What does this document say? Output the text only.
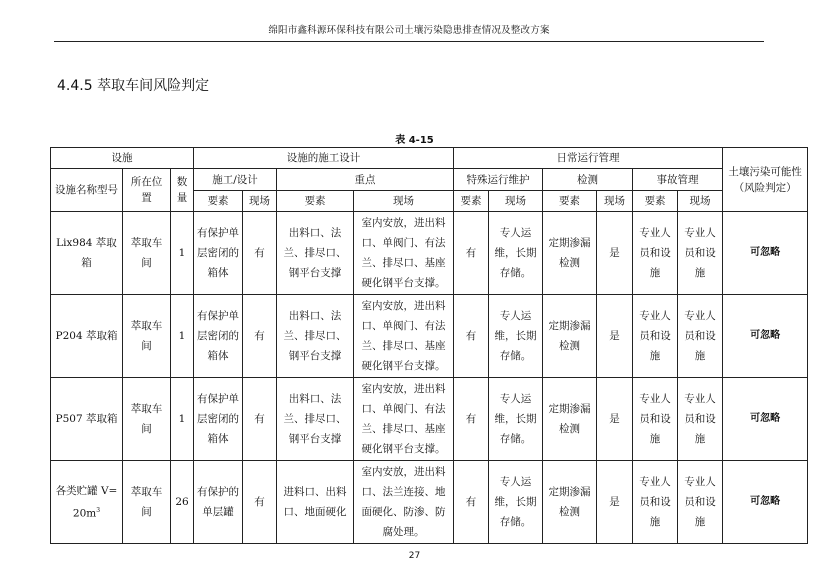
绵阳市鑫科源环保科技有限公司土壤污染隐患排查情况及整改方案
4.4.5 萃取车间风险判定
表 4-15
设施			设施的施工设计				日常运行管理						土壤污染可能性（风险判定）
设施名称型号	所在位置	数量	施工/设计		重点		特殊运行维护		检测		事故管理		
			要素	现场	要素	现场	要素	现场	要素	现场	要素	现场	
Lix984 萃取箱	萃取车间	1	有保护单层密闭的箱体	有	出料口、法兰、排尽口、钢平台支撑	室内安放，进出料口、单阀门、有法兰、排尽口、基座硬化钢平台支撑。	有	专人运维，长期存储。	定期渗漏检测	是	专业人员和设施	专业人员和设施	可忽略
P204 萃取箱	萃取车间	1	有保护单层密闭的箱体	有	出料口、法兰、排尽口、钢平台支撑	室内安放，进出料口、单阀门、有法兰、排尽口、基座硬化钢平台支撑。	有	专人运维，长期存储。	定期渗漏检测	是	专业人员和设施	专业人员和设施	可忽略
P507 萃取箱	萃取车间	1	有保护单层密闭的箱体	有	出料口、法兰、排尽口、钢平台支撑	室内安放，进出料口、单阀门、有法兰、排尽口、基座硬化钢平台支撑。	有	专人运维，长期存储。	定期渗漏检测	是	专业人员和设施	专业人员和设施	可忽略
各类贮罐 $V=20m^3$	萃取车间	26	有保护的单层罐	有	进料口、出料口、地面硬化	室内安放，进出料口、法兰连接、地面硬化、防渗、防腐处理。	有	专人运维，长期存储。	定期渗漏检测	是	专业人员和设施	专业人员和设施	可忽略
27
